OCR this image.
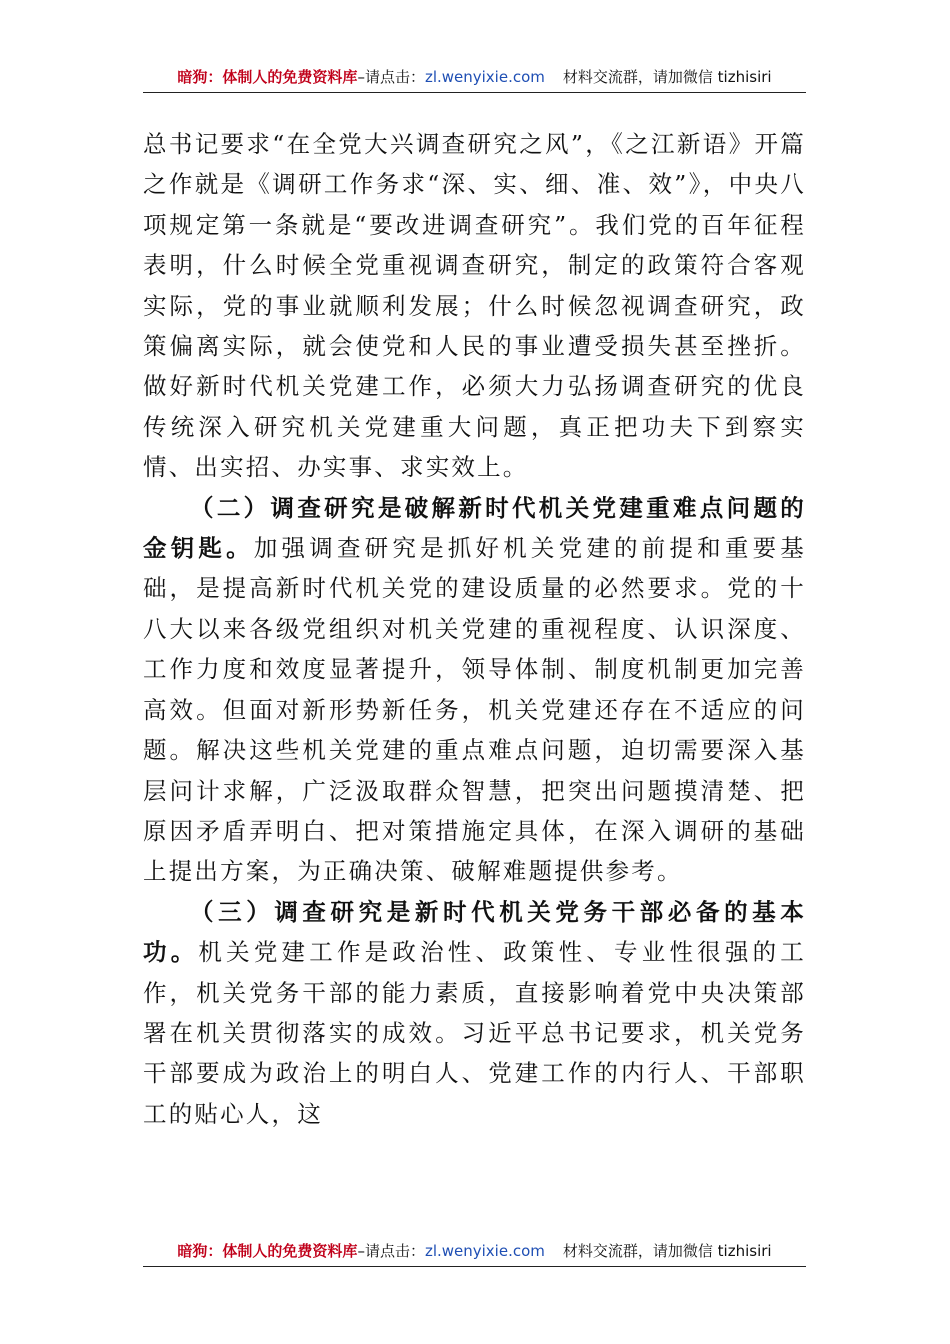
暗狗：体制人的免费资料库–请点击：zl.wenyixie.com 材料交流群，请加微信 tizhisiri

总书记要求“在全党大兴调查研究之风”，《之江新语》开篇之作就是《调研工作务求“深、实、细、准、效”》，中央八项规定第一条就是“要改进调查研究”。我们党的百年征程表明，什么时候全党重视调查研究，制定的政策符合客观实际，党的事业就顺利发展；什么时候忽视调查研究，政策偏离实际，就会使党和人民的事业遭受损失甚至挫折。做好新时代机关党建工作，必须大力弘扬调查研究的优良传统深入研究机关党建重大问题，真正把功夫下到察实情、出实招、办实事、求实效上。

（二）调查研究是破解新时代机关党建重难点问题的金钥匙。加强调查研究是抓好机关党建的前提和重要基础，是提高新时代机关党的建设质量的必然要求。党的十八大以来各级党组织对机关党建的重视程度、认识深度、工作力度和效度显著提升，领导体制、制度机制更加完善高效。但面对新形势新任务，机关党建还存在不适应的问题。解决这些机关党建的重点难点问题，迫切需要深入基层问计求解，广泛汲取群众智慧，把突出问题摸清楚、把原因矛盾弄明白、把对策措施定具体，在深入调研的基础上提出方案，为正确决策、破解难题提供参考。

（三）调查研究是新时代机关党务干部必备的基本功。机关党建工作是政治性、政策性、专业性很强的工作，机关党务干部的能力素质，直接影响着党中央决策部署在机关贯彻落实的成效。习近平总书记要求，机关党务干部要成为政治上的明白人、党建工作的内行人、干部职工的贴心人，这

暗狗：体制人的免费资料库–请点击：zl.wenyixie.com 材料交流群，请加微信 tizhisiri
